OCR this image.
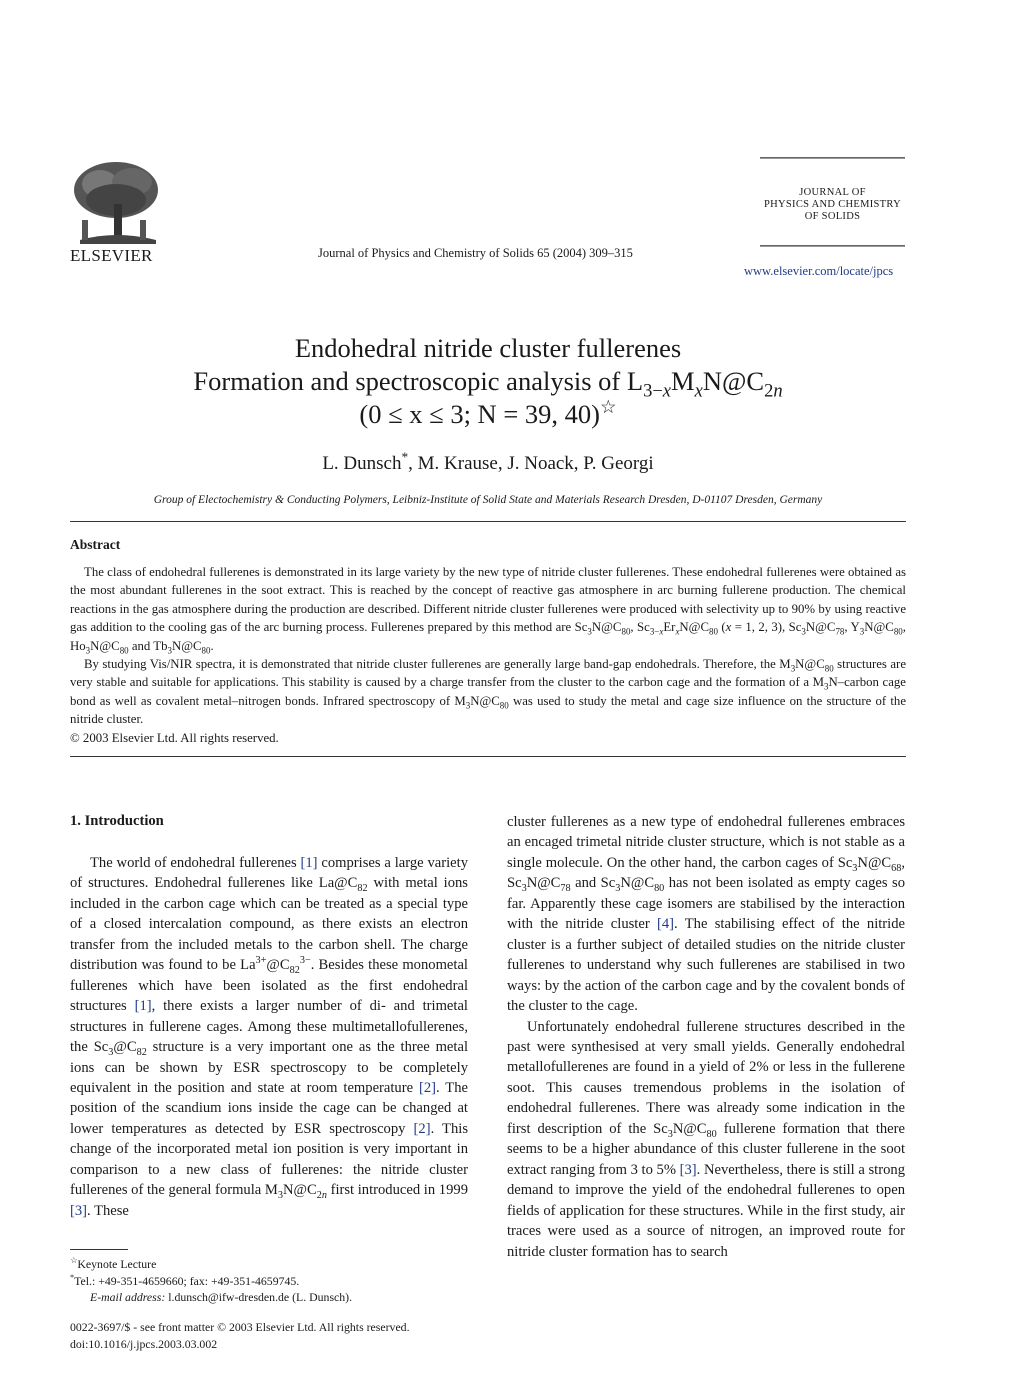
ELSEVIER	Journal of Physics and Chemistry of Solids 65 (2004) 309–315
JOURNAL OF
PHYSICS AND CHEMISTRY
OF SOLIDS
www.elsevier.com/locate/jpcs
Endohedral nitride cluster fullerenes
Formation and spectroscopic analysis of $L_{3-x}M_xN@C_{2n}$
(0 ≤ x ≤ 3; N = 39, 40)☆
L. Dunsch*, M. Krause, J. Noack, P. Georgi
Group of Electochemistry & Conducting Polymers, Leibniz-Institute of Solid State and Materials Research Dresden, D-01107 Dresden, Germany
Abstract

The class of endohedral fullerenes is demonstrated in its large variety by the new type of nitride cluster fullerenes. These endohedral fullerenes were obtained as the most abundant fullerenes in the soot extract. This is reached by the concept of reactive gas atmosphere in arc burning fullerene production. The chemical reactions in the gas atmosphere during the production are described. Different nitride cluster fullerenes were produced with selectivity up to 90% by using reactive gas addition to the cooling gas of the arc burning process. Fullerenes prepared by this method are $Sc_3N@C_{80}$, $Sc_{3-x}Er_xN@C_{80}$ (x = 1, 2, 3), $Sc_3N@C_{78}$, $Y_3N@C_{80}$, $Ho_3N@C_{80}$ and $Tb_3N@C_{80}$.

By studying Vis/NIR spectra, it is demonstrated that nitride cluster fullerenes are generally large band-gap endohedrals. Therefore, the $M_3N@C_{80}$ structures are very stable and suitable for applications. This stability is caused by a charge transfer from the cluster to the carbon cage and the formation of a $M_3N$–carbon cage bond as well as covalent metal–nitrogen bonds. Infrared spectroscopy of $M_3N@C_{80}$ was used to study the metal and cage size influence on the structure of the nitride cluster.

© 2003 Elsevier Ltd. All rights reserved.

1. Introduction

The world of endohedral fullerenes [1] comprises a large variety of structures. Endohedral fullerenes like $La@C_{82}$ with metal ions included in the carbon cage which can be treated as a special type of a closed intercalation compound, as there exists an electron transfer from the included metals to the carbon shell. The charge distribution was found to be $La^{3+}@C_{82}^{3-}$. Besides these monometal fullerenes which have been isolated as the first endohedral structures [1], there exists a larger number of di- and trimetal structures in fullerene cages. Among these multimetallofullerenes, the $Sc_3@C_{82}$ structure is a very important one as the three metal ions can be shown by ESR spectroscopy to be completely equivalent in the position and state at room temperature [2]. The position of the scandium ions inside the cage can be changed at lower temperatures as detected by ESR spectroscopy [2]. This change of the incorporated metal ion position is very important in comparison to a new class of fullerenes: the nitride cluster fullerenes of the general formula $M_3N@C_{2n}$ first introduced in 1999 [3]. These

cluster fullerenes as a new type of endohedral fullerenes embraces an encaged trimetal nitride cluster structure, which is not stable as a single molecule. On the other hand, the carbon cages of $Sc_3N@C_{68}$, $Sc_3N@C_{78}$ and $Sc_3N@C_{80}$ has not been isolated as empty cages so far. Apparently these cage isomers are stabilised by the interaction with the nitride cluster [4]. The stabilising effect of the nitride cluster is a further subject of detailed studies on the nitride cluster fullerenes to understand why such fullerenes are stabilised in two ways: by the action of the carbon cage and by the covalent bonds of the cluster to the cage.

Unfortunately endohedral fullerene structures described in the past were synthesised at very small yields. Generally endohedral metallofullerenes are found in a yield of 2% or less in the fullerene soot. This causes tremendous problems in the isolation of endohedral fullerenes. There was already some indication in the first description of the $Sc_3N@C_{80}$ fullerene formation that there seems to be a higher abundance of this cluster fullerene in the soot extract ranging from 3 to 5% [3]. Nevertheless, there is still a strong demand to improve the yield of the endohedral fullerenes to open fields of application for these structures. While in the first study, air traces were used as a source of nitrogen, an improved route for nitride cluster formation has to search

☆Keynote Lecture
*Tel.: +49-351-4659660; fax: +49-351-4659745.
E-mail address: l.dunsch@ifw-dresden.de (L. Dunsch).
0022-3697/$ - see front matter © 2003 Elsevier Ltd. All rights reserved.
doi:10.1016/j.jpcs.2003.03.002
